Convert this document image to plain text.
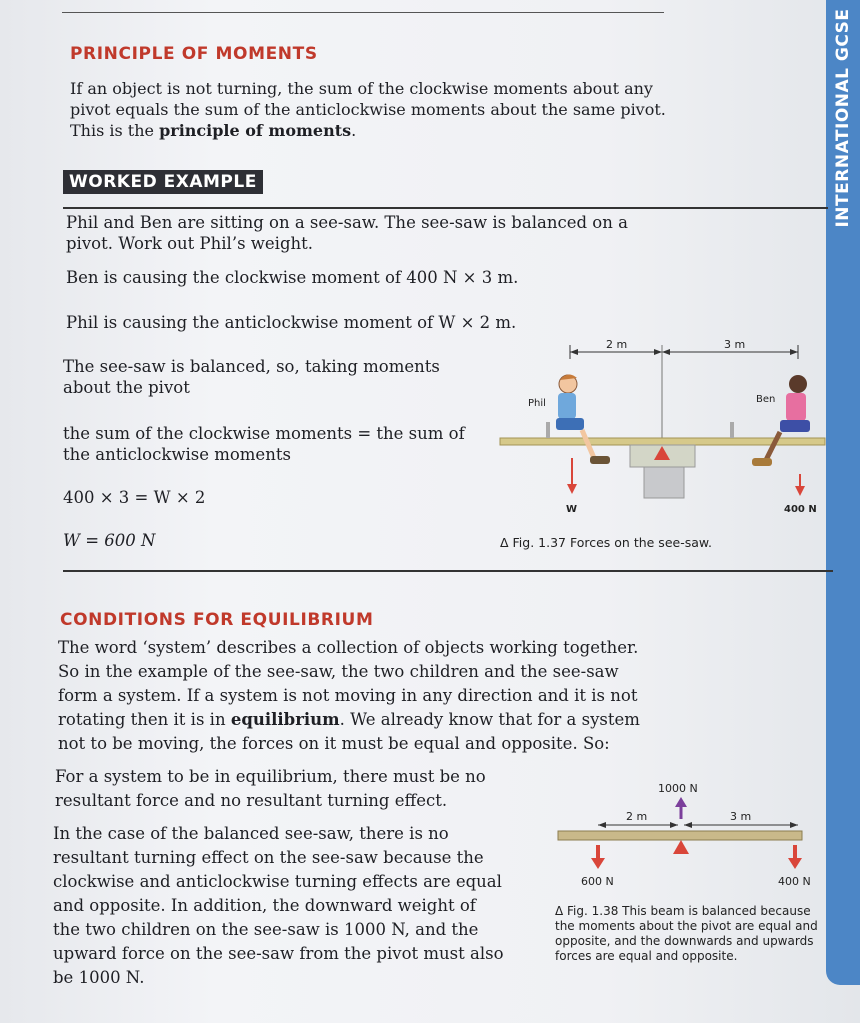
INTERNATIONAL GCSE
PRINCIPLE OF MOMENTS
If an object is not turning, the sum of the clockwise moments about any pivot equals the sum of the anticlockwise moments about the same pivot. This is the principle of moments.
WORKED EXAMPLE
Phil and Ben are sitting on a see-saw. The see-saw is balanced on a pivot. Work out Phil’s weight.
Ben is causing the clockwise moment of 400 N × 3 m.
Phil is causing the anticlockwise moment of W × 2 m.
The see-saw is balanced, so, taking moments about the pivot
the sum of the clockwise moments = the sum of the anticlockwise moments
400 × 3 = W × 2
W = 600 N
2 m	3 m
Phil	Ben
W	400 N
Δ Fig. 1.37 Forces on the see-saw.
CONDITIONS FOR EQUILIBRIUM
The word ‘system’ describes a collection of objects working together. So in the example of the see-saw, the two children and the see-saw form a system. If a system is not moving in any direction and it is not rotating then it is in equilibrium. We already know that for a system not to be moving, the forces on it must be equal and opposite. So:
For a system to be in equilibrium, there must be no resultant force and no resultant turning effect.
In the case of the balanced see-saw, there is no resultant turning effect on the see-saw because the clockwise and anticlockwise turning effects are equal and opposite. In addition, the downward weight of the two children on the see-saw is 1000 N, and the upward force on the see-saw from the pivot must also be 1000 N.
1000 N
2 m	3 m
600 N	400 N
Δ Fig. 1.38 This beam is balanced because the moments about the pivot are equal and opposite, and the downwards and upwards forces are equal and opposite.
